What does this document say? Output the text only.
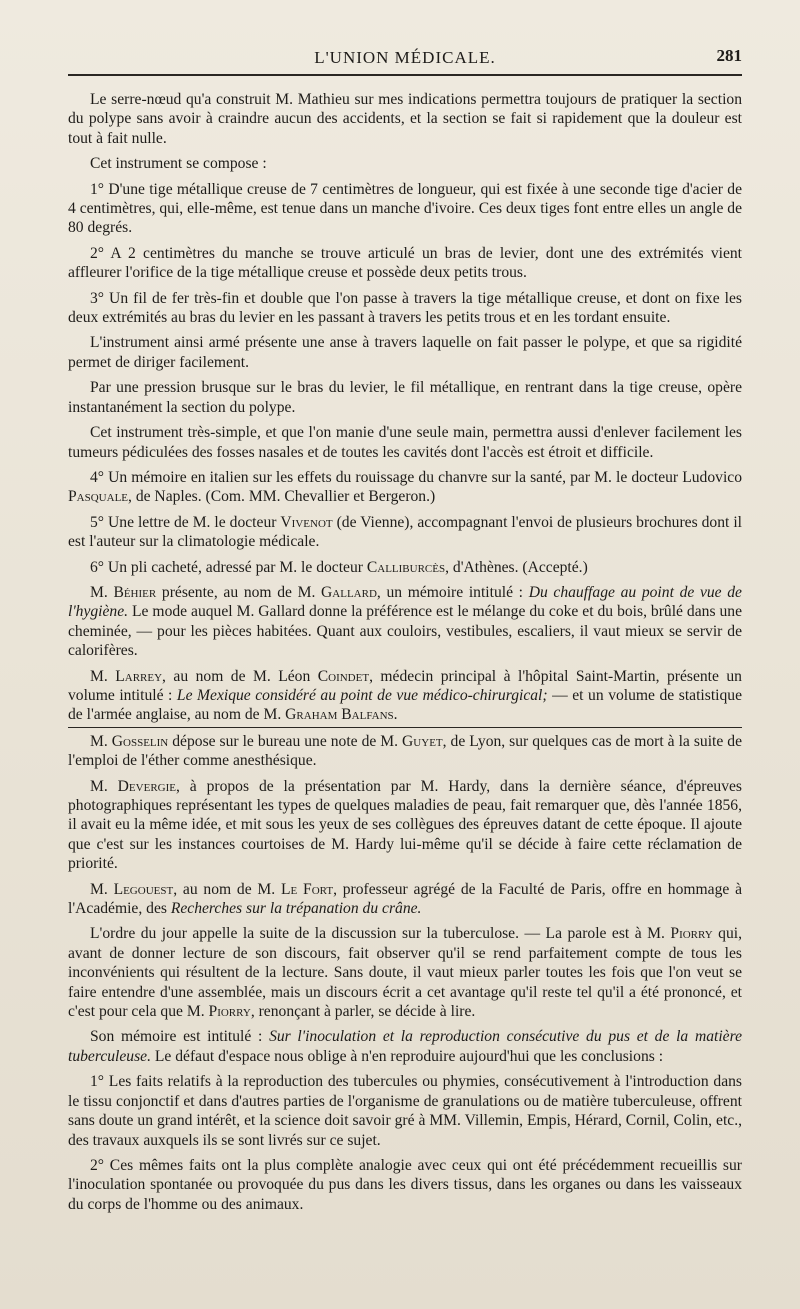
L'UNION MÉDICALE.	281

Le serre-nœud qu'a construit M. Mathieu sur mes indications permettra toujours de pratiquer la section du polype sans avoir à craindre aucun des accidents, et la section se fait si rapidement que la douleur est tout à fait nulle.

Cet instrument se compose :

1° D'une tige métallique creuse de 7 centimètres de longueur, qui est fixée à une seconde tige d'acier de 4 centimètres, qui, elle-même, est tenue dans un manche d'ivoire. Ces deux tiges font entre elles un angle de 80 degrés.

2° A 2 centimètres du manche se trouve articulé un bras de levier, dont une des extrémités vient affleurer l'orifice de la tige métallique creuse et possède deux petits trous.

3° Un fil de fer très-fin et double que l'on passe à travers la tige métallique creuse, et dont on fixe les deux extrémités au bras du levier en les passant à travers les petits trous et en les tordant ensuite.

L'instrument ainsi armé présente une anse à travers laquelle on fait passer le polype, et que sa rigidité permet de diriger facilement.

Par une pression brusque sur le bras du levier, le fil métallique, en rentrant dans la tige creuse, opère instantanément la section du polype.

Cet instrument très-simple, et que l'on manie d'une seule main, permettra aussi d'enlever facilement les tumeurs pédiculées des fosses nasales et de toutes les cavités dont l'accès est étroit et difficile.

4° Un mémoire en italien sur les effets du rouissage du chanvre sur la santé, par M. le docteur Ludovico Pasquale, de Naples. (Com. MM. Chevallier et Bergeron.)

5° Une lettre de M. le docteur Vivenot (de Vienne), accompagnant l'envoi de plusieurs brochures dont il est l'auteur sur la climatologie médicale.

6° Un pli cacheté, adressé par M. le docteur Calliburcès, d'Athènes. (Accepté.)

M. Béhier présente, au nom de M. Gallard, un mémoire intitulé : Du chauffage au point de vue de l'hygiène. Le mode auquel M. Gallard donne la préférence est le mélange du coke et du bois, brûlé dans une cheminée, — pour les pièces habitées. Quant aux couloirs, vestibules, escaliers, il vaut mieux se servir de calorifères.

M. Larrey, au nom de M. Léon Coindet, médecin principal à l'hôpital Saint-Martin, présente un volume intitulé : Le Mexique considéré au point de vue médico-chirurgical; — et un volume de statistique de l'armée anglaise, au nom de M. Graham Balfans.

M. Gosselin dépose sur le bureau une note de M. Guyet, de Lyon, sur quelques cas de mort à la suite de l'emploi de l'éther comme anesthésique.

M. Devergie, à propos de la présentation par M. Hardy, dans la dernière séance, d'épreuves photographiques représentant les types de quelques maladies de peau, fait remarquer que, dès l'année 1856, il avait eu la même idée, et mit sous les yeux de ses collègues des épreuves datant de cette époque. Il ajoute que c'est sur les instances courtoises de M. Hardy lui-même qu'il se décide à faire cette réclamation de priorité.

M. Legouest, au nom de M. Le Fort, professeur agrégé de la Faculté de Paris, offre en hommage à l'Académie, des Recherches sur la trépanation du crâne.

L'ordre du jour appelle la suite de la discussion sur la tuberculose. — La parole est à M. Piorry qui, avant de donner lecture de son discours, fait observer qu'il se rend parfaitement compte de tous les inconvénients qui résultent de la lecture. Sans doute, il vaut mieux parler toutes les fois que l'on veut se faire entendre d'une assemblée, mais un discours écrit a cet avantage qu'il reste tel qu'il a été prononcé, et c'est pour cela que M. Piorry, renonçant à parler, se décide à lire.

Son mémoire est intitulé : Sur l'inoculation et la reproduction consécutive du pus et de la matière tuberculeuse. Le défaut d'espace nous oblige à n'en reproduire aujourd'hui que les conclusions :

1° Les faits relatifs à la reproduction des tubercules ou phymies, consécutivement à l'introduction dans le tissu conjonctif et dans d'autres parties de l'organisme de granulations ou de matière tuberculeuse, offrent sans doute un grand intérêt, et la science doit savoir gré à MM. Villemin, Empis, Hérard, Cornil, Colin, etc., des travaux auxquels ils se sont livrés sur ce sujet.

2° Ces mêmes faits ont la plus complète analogie avec ceux qui ont été précédemment recueillis sur l'inoculation spontanée ou provoquée du pus dans les divers tissus, dans les organes ou dans les vaisseaux du corps de l'homme ou des animaux.
